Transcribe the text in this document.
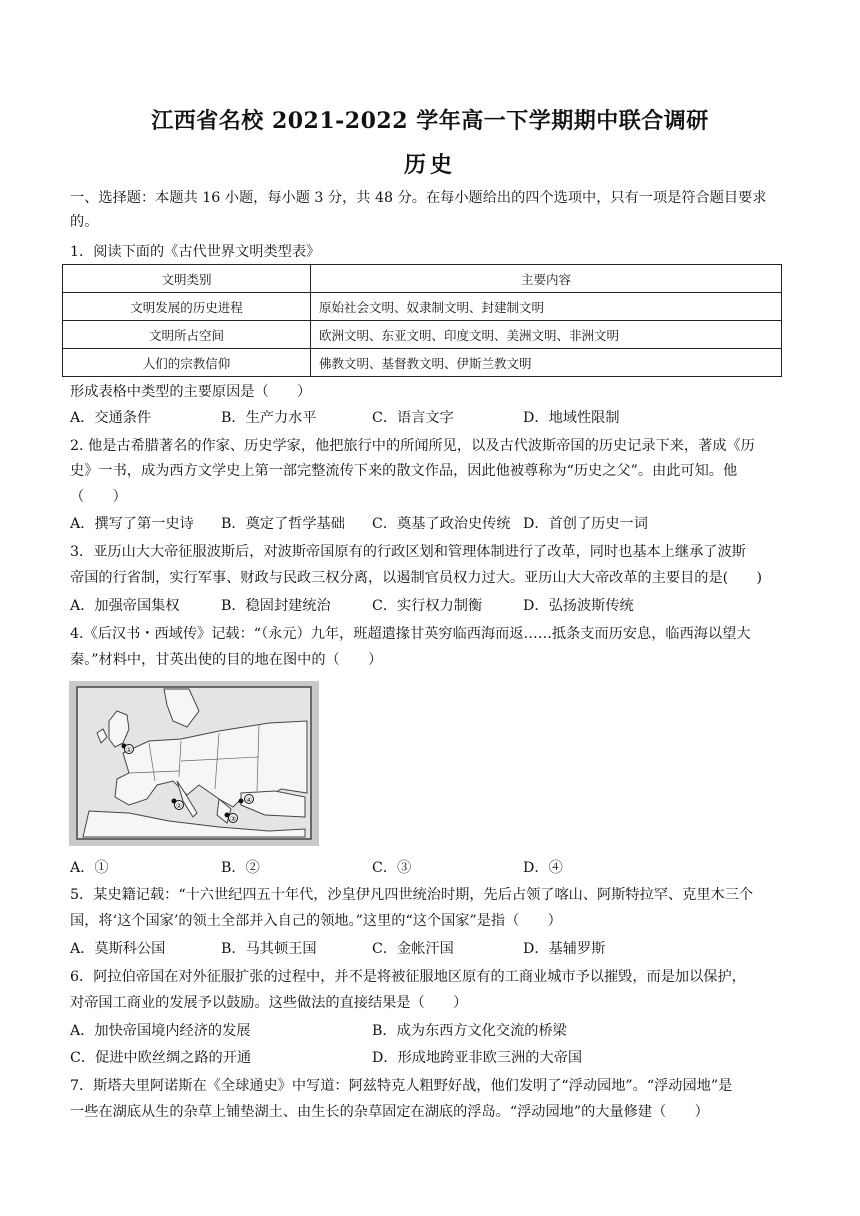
江西省名校 2021-2022 学年高一下学期期中联合调研
历史
一、选择题：本题共 16 小题，每小题 3 分，共 48 分。在每小题给出的四个选项中，只有一项是符合题目要求
的。
1．阅读下面的《古代世界文明类型表》
文明类别	主要内容
文明发展的历史进程	原始社会文明、奴隶制文明、封建制文明
文明所占空间	欧洲文明、东亚文明、印度文明、美洲文明、非洲文明
人们的宗教信仰	佛教文明、基督教文明、伊斯兰教文明
形成表格中类型的主要原因是（　　）
A．交通条件	B．生产力水平	C．语言文字	D．地域性限制
2. 他是古希腊著名的作家、历史学家，他把旅行中的所闻所见，以及古代波斯帝国的历史记录下来，著成《历
史》一书，成为西方文学史上第一部完整流传下来的散文作品，因此他被尊称为“历史之父”。由此可知。他
（　　）
A．撰写了第一史诗 B．奠定了哲学基础 C．奠基了政治史传统 D．首创了历史一词
3．亚历山大大帝征服波斯后，对波斯帝国原有的行政区划和管理体制进行了改革，同时也基本上继承了波斯
帝国的行省制，实行军事、财政与民政三权分离，以遏制官员权力过大。亚历山大大帝改革的主要目的是(　　)
A．加强帝国集权	B．稳固封建统治	C．实行权力制衡	D．弘扬波斯传统
4.《后汉书・西域传》记载：“（永元）九年，班超遣掾甘英穷临西海而返……抵条支而历安息，临西海以望大
秦。”材料中，甘英出使的目的地在图中的（　　）
①
②
③
④
A．①	B．②	C．③	D．④
5．某史籍记载：“十六世纪四五十年代，沙皇伊凡四世统治时期，先后占领了喀山、阿斯特拉罕、克里木三个
国，将‘这个国家’的领土全部并入自己的领地。”这里的“这个国家”是指（　　）
A．莫斯科公国	B．马其顿王国	C．金帐汗国	D．基辅罗斯
6．阿拉伯帝国在对外征服扩张的过程中，并不是将被征服地区原有的工商业城市予以摧毁，而是加以保护，
对帝国工商业的发展予以鼓励。这些做法的直接结果是（　　）
A．加快帝国境内经济的发展	B．成为东西方文化交流的桥梁
C．促进中欧丝绸之路的开通	D．形成地跨亚非欧三洲的大帝国
7．斯塔夫里阿诺斯在《全球通史》中写道：阿兹特克人粗野好战，他们发明了“浮动园地”。“浮动园地”是
一些在湖底从生的杂草上铺垫湖土、由生长的杂草固定在湖底的浮岛。“浮动园地”的大量修建（　　）
